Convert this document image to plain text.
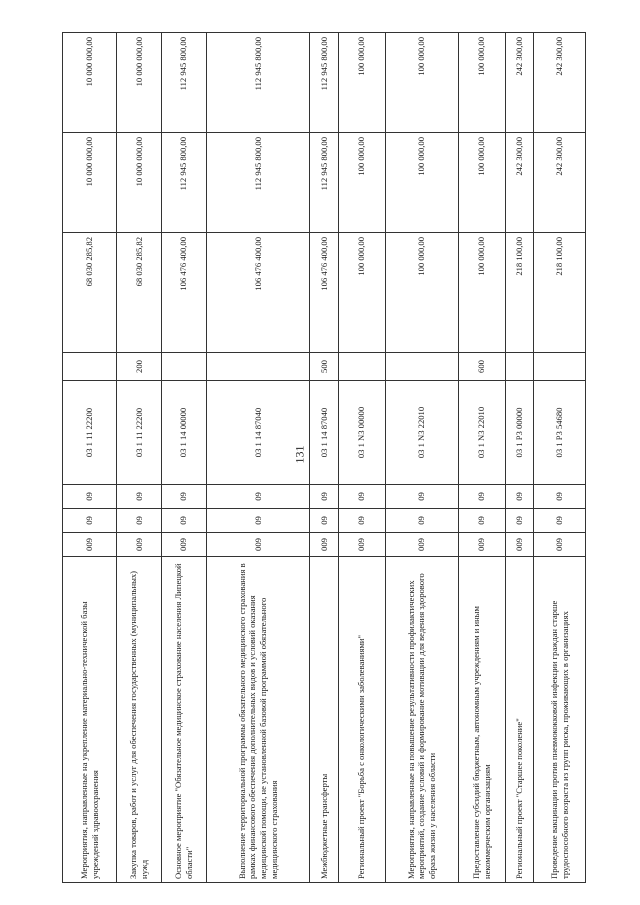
131
Мероприятия, направленные на укрепление материально-технической базы учреждений здравоохранения	009	09	09	03 1 11 22200		68 030 285,82	10 000 000,00	10 000 000,00
Закупка товаров, работ и услуг для обеспечения государственных (муниципальных) нужд	009	09	09	03 1 11 22200	200	68 030 285,82	10 000 000,00	10 000 000,00
Основное мероприятие "Обязательное медицинское страхование населения Липецкой области"	009	09	09	03 1 14 00000		106 476 400,00	112 945 800,00	112 945 800,00
Выполнение территориальной программы обязательного медицинского страхования в рамках финансового обеспечения дополнительных видов и условий оказания медицинской помощи, не установленной базовой программой обязательного медицинского страхования	009	09	09	03 1 14 87040		106 476 400,00	112 945 800,00	112 945 800,00
Межбюджетные трансферты	009	09	09	03 1 14 87040	500	106 476 400,00	112 945 800,00	112 945 800,00
Региональный проект "Борьба с онкологическими заболеваниями"	009	09	09	03 1 N3 00000		100 000,00	100 000,00	100 000,00
Мероприятия, направленные на повышение результативности профилактических мероприятий, создание условий и формирование мотивации для ведения здорового образа жизни у населения области	009	09	09	03 1 N3 22010		100 000,00	100 000,00	100 000,00
Предоставление субсидий бюджетным, автономным учреждениям и иным некоммерческим организациям	009	09	09	03 1 N3 22010	600	100 000,00	100 000,00	100 000,00
Региональный проект "Старшее поколение"	009	09	09	03 1 P3 00000		218 100,00	242 300,00	242 300,00
Проведение вакцинации против пневмококковой инфекции граждан старше трудоспособного возраста из групп риска, проживающих в организациях	009	09	09	03 1 P3 54680		218 100,00	242 300,00	242 300,00
